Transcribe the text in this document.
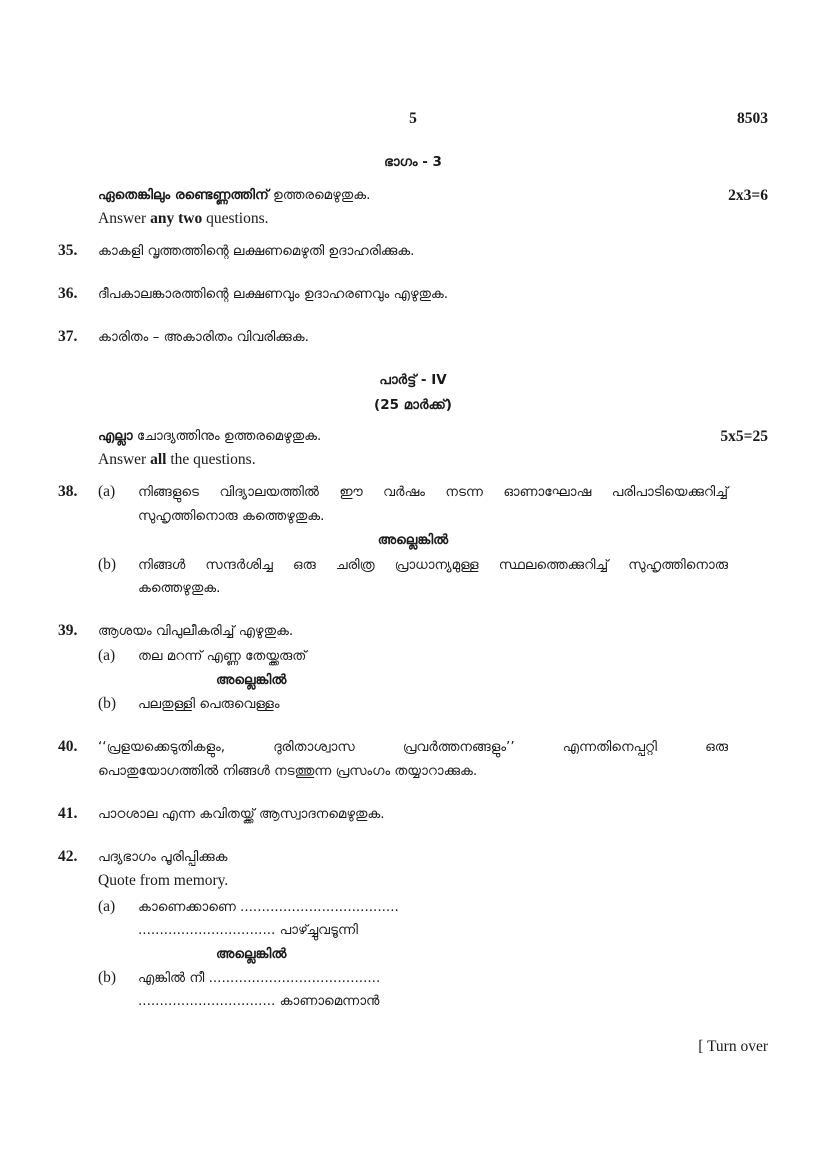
5	8503
ഭാഗം - 3
ഏതെങ്കിലും രണ്ടെണ്ണത്തിന് ഉത്തരമെഴുതുക.	2x3=6
Answer any two questions.
35. കാകളി വൃത്തത്തിന്റെ ലക്ഷണമെഴുതി ഉദാഹരിക്കുക.
36. ദീപകാലങ്കാരത്തിന്റെ ലക്ഷണവും ഉദാഹരണവും എഴുതുക.
37. കാരിതം – അകാരിതം വിവരിക്കുക.
പാർട്ട് - IV
(25 മാർക്ക്)
എല്ലാ ചോദ്യത്തിനും ഉത്തരമെഴുതുക.	5x5=25
Answer all the questions.
38. (a) നിങ്ങളുടെ വിദ്യാലയത്തിൽ ഈ വർഷം നടന്ന ഓണാഘോഷ പരിപാടിയെക്കുറിച്ച്
സുഹൃത്തിനൊരു കത്തെഴുതുക.
അല്ലെങ്കിൽ
(b) നിങ്ങൾ സന്ദർശിച്ച ഒരു ചരിത്ര പ്രാധാന്യമുള്ള സ്ഥലത്തെക്കുറിച്ച് സുഹൃത്തിനൊരു
കത്തെഴുതുക.
39. ആശയം വിപുലീകരിച്ച് എഴുതുക.
(a) തല മറന്ന് എണ്ണ തേയ്ക്കരുത്
അല്ലെങ്കിൽ
(b) പലതുള്ളി പെരുവെള്ളം
40. ‘‘പ്രളയക്കെടുതികളും, ദുരിതാശ്വാസ പ്രവർത്തനങ്ങളും’’ എന്നതിനെപ്പറ്റി ഒരു
പൊതുയോഗത്തിൽ നിങ്ങൾ നടത്തുന്ന പ്രസംഗം തയ്യാറാക്കുക.
41. പാഠശാല എന്ന കവിതയ്ക്ക് ആസ്വാദനമെഴുതുക.
42. പദ്യഭാഗം പൂരിപ്പിക്കുക
Quote from memory.
(a) കാണെക്കാണെ .....................................
................................ പാഴ്ച്ചുവടൂന്നി
അല്ലെങ്കിൽ
(b) എങ്കിൽ നീ ........................................
................................ കാണാമെന്നാൻ
[ Turn over
